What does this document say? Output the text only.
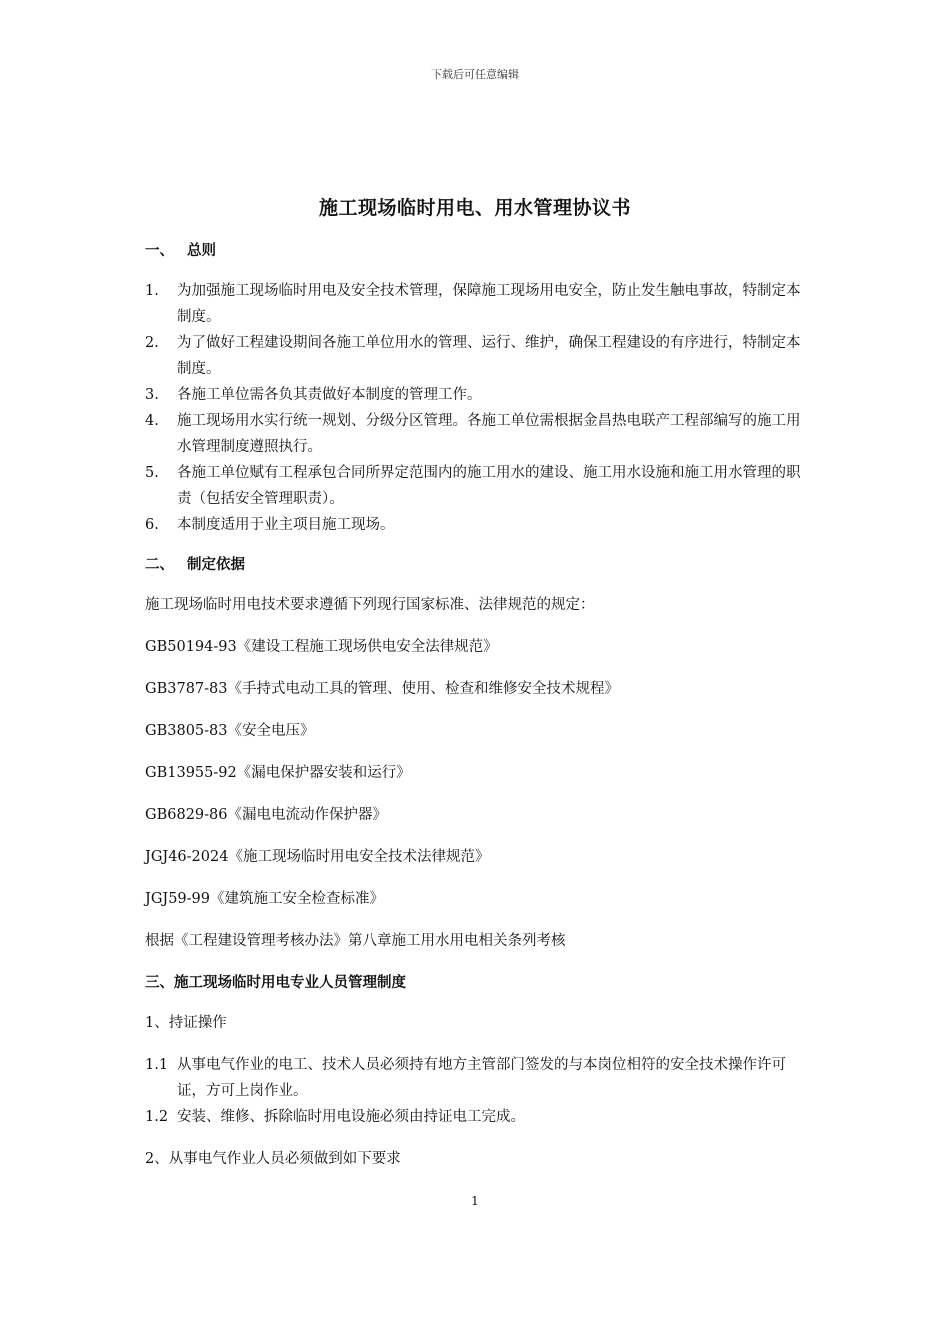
下载后可任意编辑
施工现场临时用电、用水管理协议书
一、 总则
1. 为加强施工现场临时用电及安全技术管理，保障施工现场用电安全，防止发生触电事故，特制定本制度。
2. 为了做好工程建设期间各施工单位用水的管理、运行、维护，确保工程建设的有序进行，特制定本制度。
3. 各施工单位需各负其责做好本制度的管理工作。
4. 施工现场用水实行统一规划、分级分区管理。各施工单位需根据金昌热电联产工程部编写的施工用水管理制度遵照执行。
5. 各施工单位赋有工程承包合同所界定范围内的施工用水的建设、施工用水设施和施工用水管理的职责（包括安全管理职责）。
6. 本制度适用于业主项目施工现场。
二、 制定依据

施工现场临时用电技术要求遵循下列现行国家标准、法律规范的规定：

GB50194-93《建设工程施工现场供电安全法律规范》

GB3787-83《手持式电动工具的管理、使用、检查和维修安全技术规程》

GB3805-83《安全电压》

GB13955-92《漏电保护器安装和运行》

GB6829-86《漏电电流动作保护器》

JGJ46-2024《施工现场临时用电安全技术法律规范》

JGJ59-99《建筑施工安全检查标准》

根据《工程建设管理考核办法》第八章施工用水用电相关条列考核

三、施工现场临时用电专业人员管理制度

1、持证操作

1.1 从事电气作业的电工、技术人员必须持有地方主管部门签发的与本岗位相符的安全技术操作许可证，方可上岗作业。
1.2 安装、维修、拆除临时用电设施必须由持证电工完成。

2、从事电气作业人员必须做到如下要求

1
